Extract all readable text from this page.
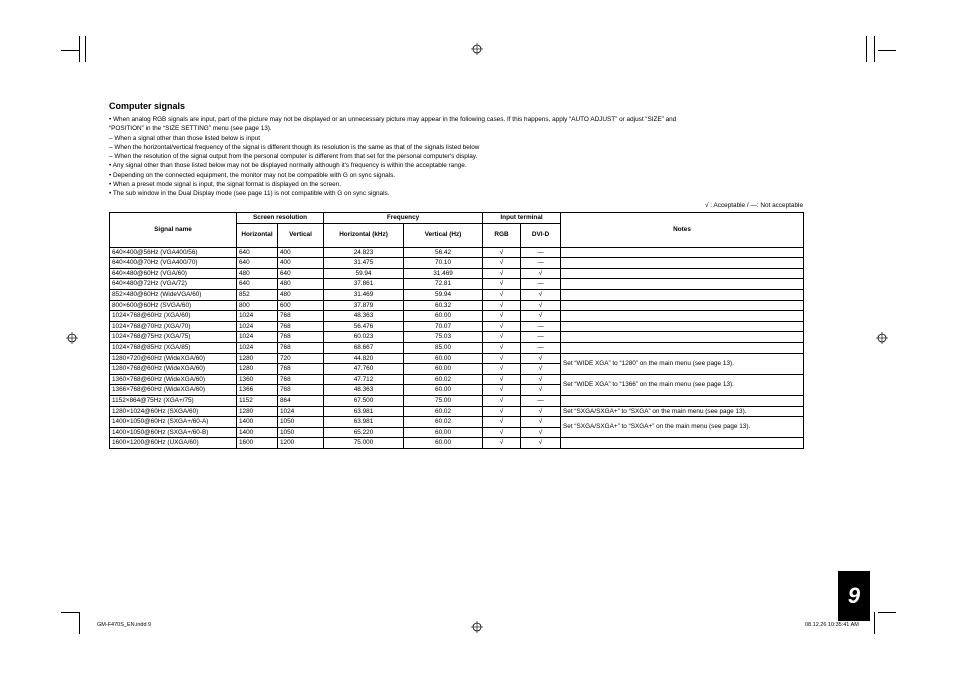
Computer signals
• When analog RGB signals are input, part of the picture may not be displayed or an unnecessary picture may appear in the following cases. If this happens, apply “AUTO ADJUST” or adjust “SIZE” and
“POSITION” in the “SIZE SETTING” menu (see page 13).
– When a signal other than those listed below is input
– When the horizontal/vertical frequency of the signal is different though its resolution is the same as that of the signals listed below
– When the resolution of the signal output from the personal computer is different from that set for the personal computer's display.
• Any signal other than those listed below may not be displayed normally although it's frequency is within the acceptable range.
• Depending on the connected equipment, the monitor may not be compatible with G on sync signals.
• When a preset mode signal is input, the signal format is displayed on the screen.
• The sub window in the Dual Display mode (see page 11) is not compatible with G on sync signals.
√ : Acceptable / —: Not acceptable
Signal name	Screen resolution		Frequency		Input terminal		Notes
	Horizontal	Vertical	Horizontal (kHz)	Vertical (Hz)	RGB	DVI-D	
640×400@56Hz (VGA400/56)	640	400	24.823	56.42	√	—	
640×400@70Hz (VGA400/70)	640	400	31.475	70.10	√	—	
640×480@60Hz (VGA/60)	480	640	59.94	31.469	√	√	
640×480@72Hz (VGA/72)	640	480	37.861	72.81	√	—	
852×480@60Hz (WideVGA/60)	852	480	31.469	59.94	√	√	
800×600@60Hz (SVGA/60)	800	600	37.879	60.32	√	√	
1024×768@60Hz (XGA/60)	1024	768	48.363	60.00	√	√	
1024×768@70Hz (XGA/70)	1024	768	56.476	70.07	√	—	
1024×768@75Hz (XGA/75)	1024	768	60.023	75.03	√	—	
1024×768@85Hz (XGA/85)	1024	768	68.667	85.00	√	—	
1280×720@60Hz (WideXGA/60)	1280	720	44.820	60.00	√	√	Set “WIDE XGA” to “1280” on the main menu (see page 13).
1280×768@60Hz (WideXGA/60)	1280	768	47.760	60.00	√	√	
1360×768@60Hz (WideXGA/60)	1360	768	47.712	60.02	√	√	Set “WIDE XGA” to “1366” on the main menu (see page 13).
1366×768@60Hz (WideXGA/60)	1366	768	48.363	60.00	√	√	
1152×864@75Hz (XGA+/75)	1152	864	67.500	75.00	√	—	
1280×1024@60Hz (SXGA/60)	1280	1024	63.981	60.02	√	√	Set “SXGA/SXGA+” to “SXGA” on the main menu (see page 13).
1400×1050@60Hz (SXGA+/60-A)	1400	1050	63.981	60.02	√	√	Set “SXGA/SXGA+” to “SXGA+” on the main menu (see page 13).
1400×1050@60Hz (SXGA+/60-B)	1400	1050	65.220	60.00	√	√	
1600×1200@60Hz (UXGA/60)	1600	1200	75.000	60.00	√	√	
9
GM-F470S_EN.indd 9	08.12.26 10:35:41 AM
